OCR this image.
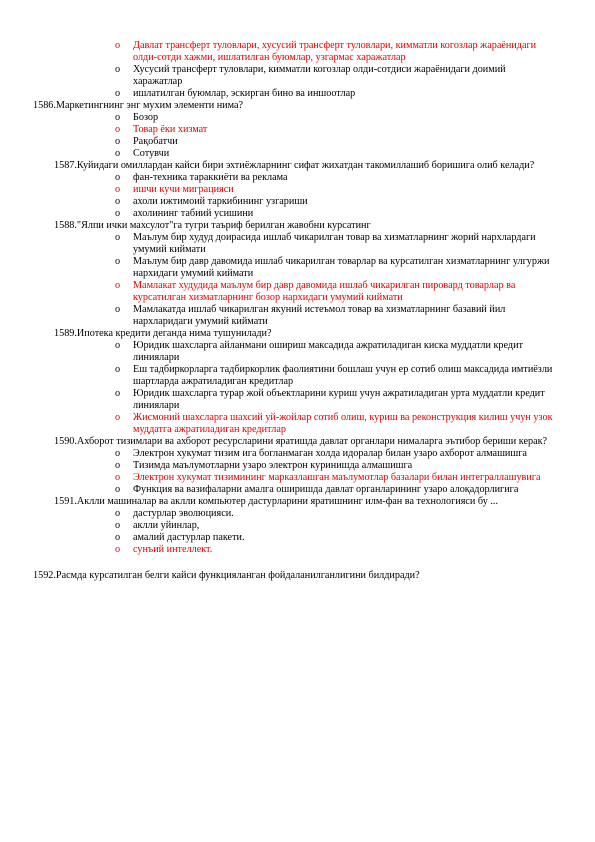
o Давлат трансферт туловлари, хусусий трансферт туловлари, кимматли когозлар жарaёнидаги олди-сотди хaжми, ишлатилган буюмлар, узгармас харажатлар
o Хусусий трансферт туловлари, кимматли когозлар олди-сотдиси жарaёнидаги доимий харажатлар
o ишлатилган буюмлар, эскирган бино ва иншоотлар

1586.Маркетингнинг энг мухим элементи нима?

o Бозор
o Товар ёки хизмат
o Рақобатчи
o Сотувчи

1587.Куйидаги омиллардан кайси бири эхтиёжларнинг сифат жихатдан такомиллашиб боришига олиб келади?

o фан-техника тараккиёти ва реклама
o ишчи кучи миграцияси
o ахоли ижтимоий таркибининг узгариши
o ахолининг табиий усишини

1588."Ялпи ички махсулот"га тугри таъриф берилган жавобни курсатинг

o Маълум бир худуд доирасида ишлаб чикарилган товар ва хизматларнинг жорий нархлардаги умумий киймати
o Маълум бир давр давомида ишлаб чикарилган товарлар ва курсатилган хизматларнинг улгуржи нархидаги умумий киймати
o Мамлакат худудида маълум бир давр давомида ишлаб чикарилган пировард товарлар ва курсатилган хизматларнинг бозор нархидаги умумий киймати
o Мамлакатда ишлаб чикарилган якуний истеъмол товар ва хизматларнинг базавий йил нархларидаги умумий киймати

1589.Ипотека кредити деганда нима тушунилади?

o Юридик шахсларга айланмани ошириш максадида ажратиладиган киска муддатли кредит линиялари
o Еш тадбиркорларга тадбиркорлик фаолиятини бошлаш учун ер сотиб олиш максадида имтиёзли шартларда ажратиладиган кредитлар
o Юридик шахсларга турар жой объектларини куриш учун ажратиладиган урта муддатли кредит линиялари
o Жисмоний шахсларга шахсий уй-жойлар сотиб олиш, куриш ва реконструкция килиш учун узок муддатга ажратиладиган кредитлар

1590.Ахборот тизимлари ва ахборот ресурсларини яратишда давлат органлари нималарга эътибор бериши керак?

o Электрон хукумат тизим ига богланмаган холда идоралар билан узаро ахборот алмашишга
o Тизимда маълумотларни узаро электрон куринишда алмашишга
o Электрон хукумат тизимининг марказлашган маълумотлар базалари билан интеграллашувига
o Функция ва вазифаларни амалга оширишда давлат органларининг узаро алоқадорлигига

1591.Аклли машиналар ва аклли компьютер дастурларини яратишнинг илм-фан ва технологияси бу ...

o дастурлар эволюцияси.
o аклли уйинлар,
o амалий дастурлар пакети.
o сунъий интеллект.

1592.Расмда курсатилган белги кайси функцияланган фойдаланилганлигини билдиради?
